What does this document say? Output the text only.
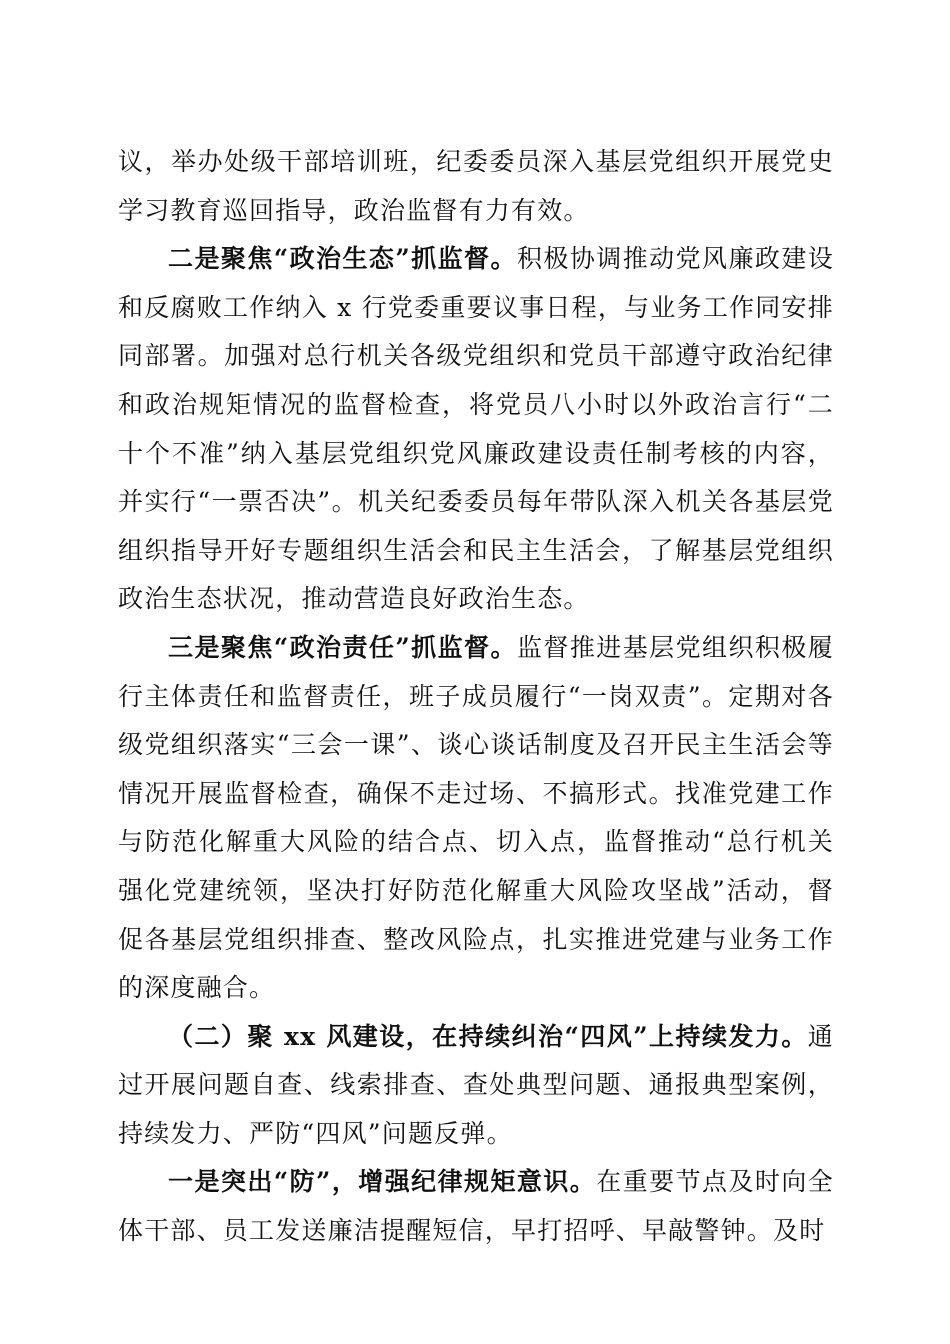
议，举办处级干部培训班，纪委委员深入基层党组织开展党史学习教育巡回指导，政治监督有力有效。

二是聚焦“政治生态”抓监督。积极协调推动党风廉政建设和反腐败工作纳入 x 行党委重要议事日程，与业务工作同安排同部署。加强对总行机关各级党组织和党员干部遵守政治纪律和政治规矩情况的监督检查，将党员八小时以外政治言行“二十个不准”纳入基层党组织党风廉政建设责任制考核的内容，并实行“一票否决”。机关纪委委员每年带队深入机关各基层党组织指导开好专题组织生活会和民主生活会，了解基层党组织政治生态状况，推动营造良好政治生态。

三是聚焦“政治责任”抓监督。监督推进基层党组织积极履行主体责任和监督责任，班子成员履行“一岗双责”。定期对各级党组织落实“三会一课”、谈心谈话制度及召开民主生活会等情况开展监督检查，确保不走过场、不搞形式。找准党建工作与防范化解重大风险的结合点、切入点，监督推动“总行机关强化党建统领，坚决打好防范化解重大风险攻坚战”活动，督促各基层党组织排查、整改风险点，扎实推进党建与业务工作的深度融合。

（二）聚 xx 风建设，在持续纠治“四风”上持续发力。通过开展问题自查、线索排查、查处典型问题、通报典型案例，持续发力、严防“四风”问题反弹。

一是突出“防”，增强纪律规矩意识。在重要节点及时向全体干部、员工发送廉洁提醒短信，早打招呼、早敲警钟。及时
